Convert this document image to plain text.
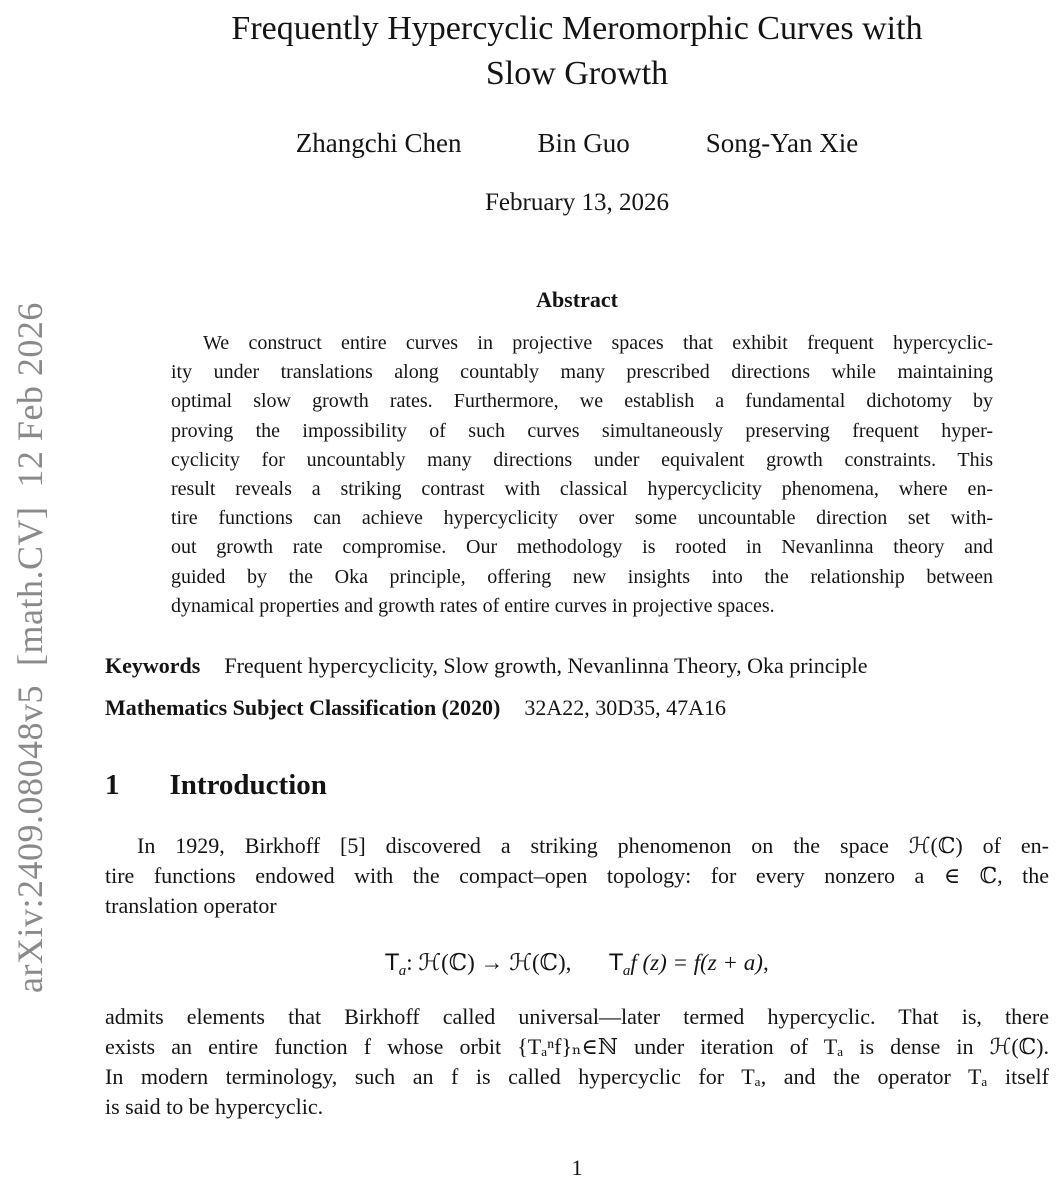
arXiv:2409.08048v5  [math.CV]  12 Feb 2026
Frequently Hypercyclic Meromorphic Curves with
Slow Growth
Zhangchi Chen	Bin Guo	Song-Yan Xie
February 13, 2026
Abstract
We construct entire curves in projective spaces that exhibit frequent hypercyclic-
ity under translations along countably many prescribed directions while maintaining
optimal slow growth rates. Furthermore, we establish a fundamental dichotomy by
proving the impossibility of such curves simultaneously preserving frequent hyper-
cyclicity for uncountably many directions under equivalent growth constraints. This
result reveals a striking contrast with classical hypercyclicity phenomena, where en-
tire functions can achieve hypercyclicity over some uncountable direction set with-
out growth rate compromise. Our methodology is rooted in Nevanlinna theory and
guided by the Oka principle, offering new insights into the relationship between
dynamical properties and growth rates of entire curves in projective spaces.
Keywords Frequent hypercyclicity, Slow growth, Nevanlinna Theory, Oka principle
Mathematics Subject Classification (2020) 32A22, 30D35, 47A16
1 Introduction
In 1929, Birkhoff [5] discovered a striking phenomenon on the space ℋ(ℂ) of en-
tire functions endowed with the compact–open topology: for every nonzero a ∈ ℂ, the
translation operator
$T_a$: ℋ(ℂ) → ℋ(ℂ), $T_af$ (z) = f(z + a),
admits elements that Birkhoff called universal—later termed hypercyclic. That is, there
exists an entire function f whose orbit {Tₐⁿf}ₙ∈ℕ under iteration of Tₐ is dense in ℋ(ℂ).
In modern terminology, such an f is called hypercyclic for Tₐ, and the operator Tₐ itself
is said to be hypercyclic.
1
